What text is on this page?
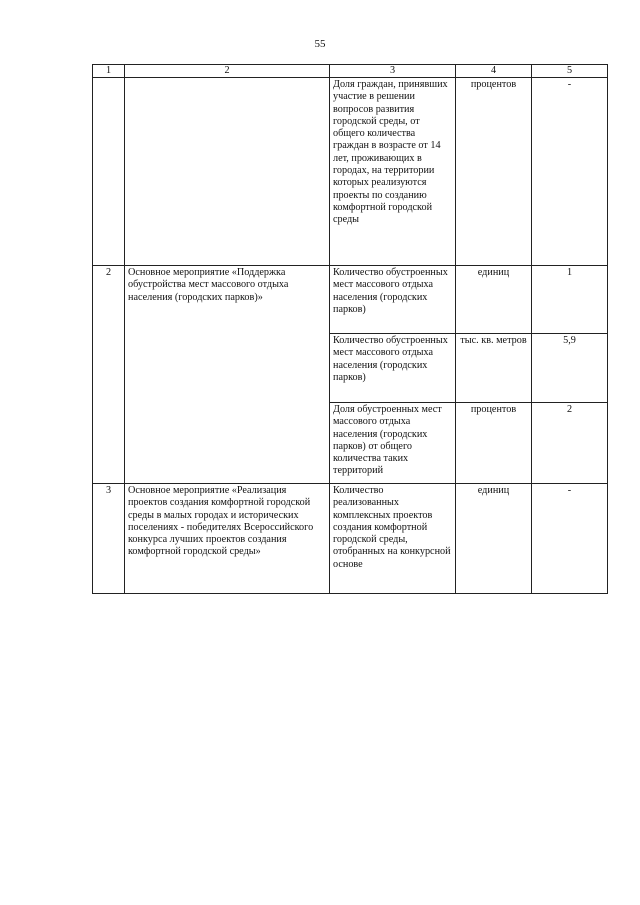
55
1	2	3	4	5
		Доля граждан, принявших участие в решении вопросов развития городской среды, от общего количества граждан в возрасте от 14 лет, проживающих в городах, на территории которых реализуются проекты по созданию комфортной городской среды	процентов	-
2	Основное мероприятие «Поддержка обустройства мест массового отдыха населения (городских парков)»	Количество обустроенных мест массового отдыха населения (городских парков)	единиц	1
		Количество обустроенных мест массового отдыха населения (городских парков)	тыс. кв. метров	5,9
		Доля обустроенных мест массового отдыха населения (городских парков) от общего количества таких территорий	процентов	2
3	Основное мероприятие «Реализация проектов создания комфортной городской среды в малых городах и исторических поселениях - победителях Всероссийского конкурса лучших проектов создания комфортной городской среды»	Количество реализованных комплексных проектов создания комфортной городской среды, отобранных на конкурсной основе	единиц	-
